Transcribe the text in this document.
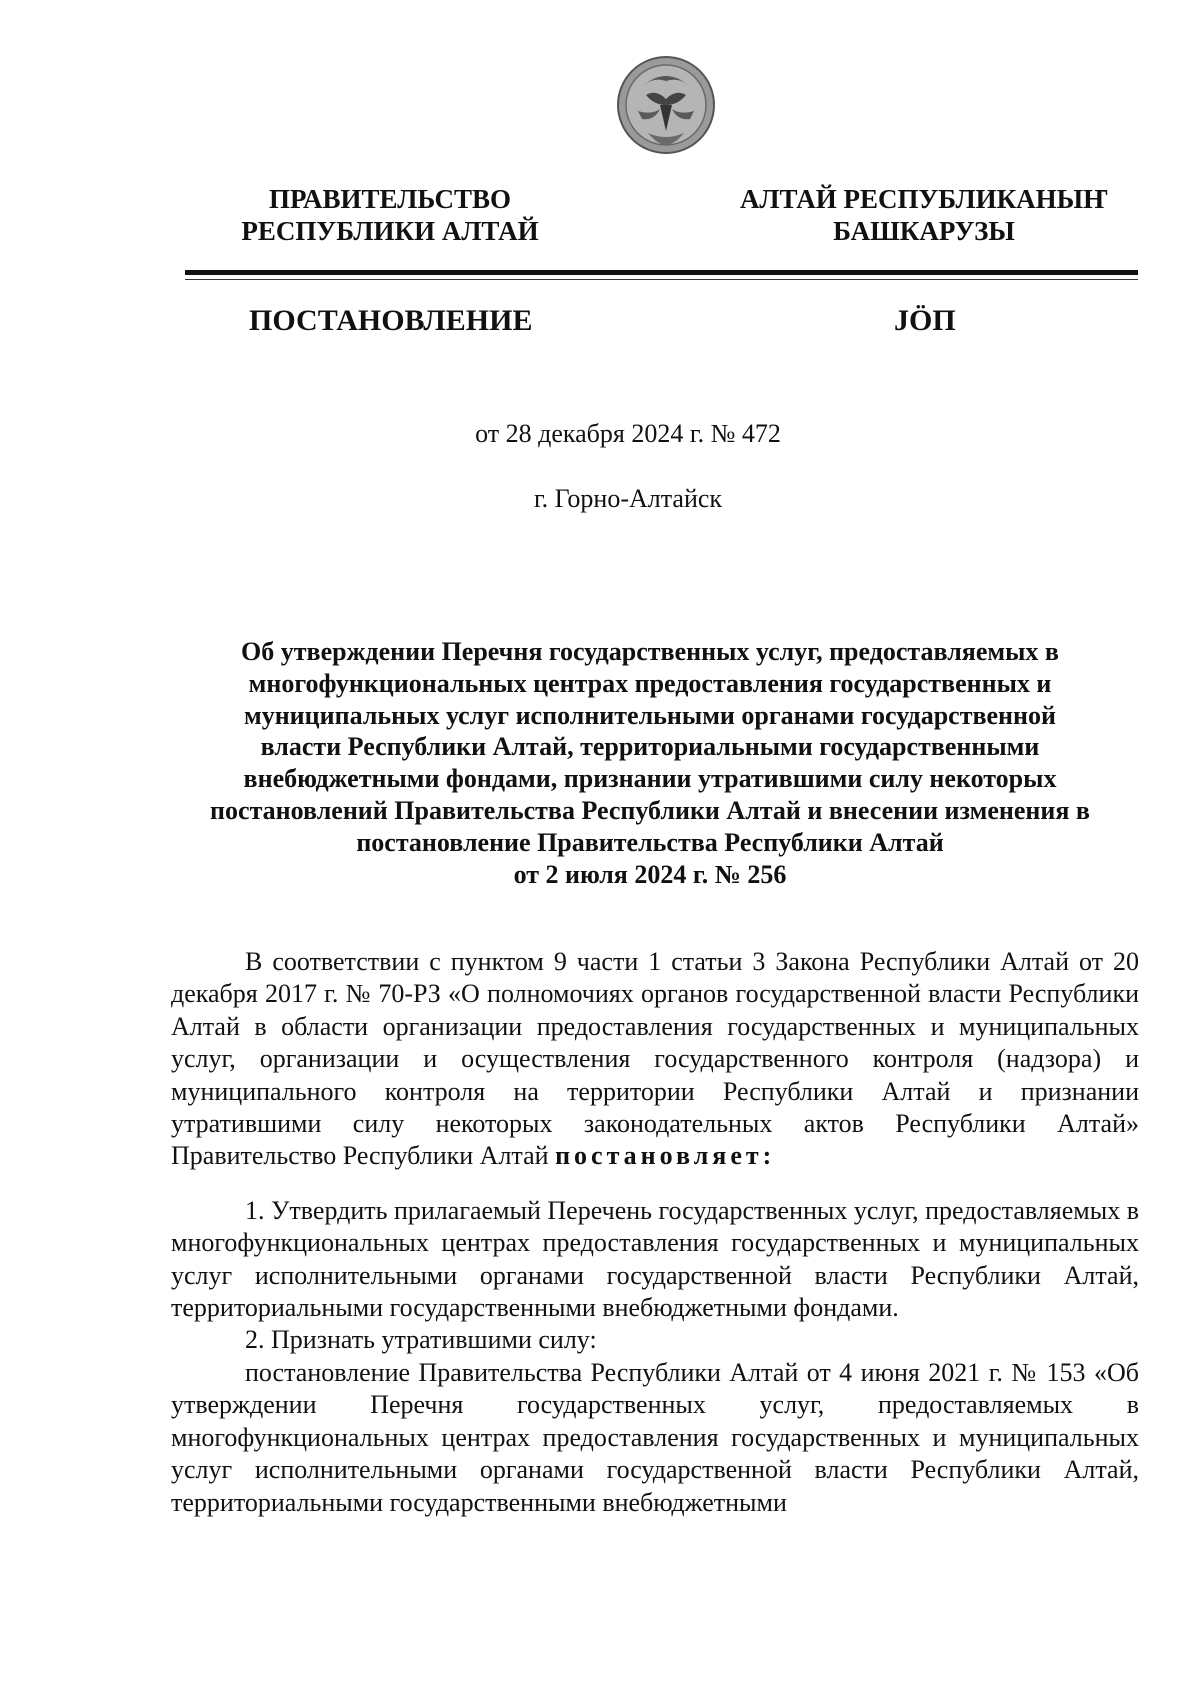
ПРАВИТЕЛЬСТВО
РЕСПУБЛИКИ АЛТАЙ
АЛТАЙ РЕСПУБЛИКАНЫҤ
БАШКАРУЗЫ
ПОСТАНОВЛЕНИЕ	JÖП
от 28 декабря 2024 г. № 472
г. Горно-Алтайск
Об утверждении Перечня государственных услуг, предоставляемых в
многофункциональных центрах предоставления государственных и
муниципальных услуг исполнительными органами государственной
власти Республики Алтай, территориальными государственными
внебюджетными фондами, признании утратившими силу некоторых
постановлений Правительства Республики Алтай и внесении изменения в
постановление Правительства Республики Алтай
от 2 июля 2024 г. № 256

В соответствии с пунктом 9 части 1 статьи 3 Закона Республики Алтай от 20 декабря 2017 г. № 70-РЗ «О полномочиях органов государственной власти Республики Алтай в области организации предоставления государственных и муниципальных услуг, организации и осуществления государственного контроля (надзора) и муниципального контроля на территории Республики Алтай и признании утратившими силу некоторых законодательных актов Республики Алтай» Правительство Республики Алтай постановляет:

1. Утвердить прилагаемый Перечень государственных услуг, предоставляемых в многофункциональных центрах предоставления государственных и муниципальных услуг исполнительными органами государственной власти Республики Алтай, территориальными государственными внебюджетными фондами.

2. Признать утратившими силу:

постановление Правительства Республики Алтай от 4 июня 2021 г. № 153 «Об утверждении Перечня государственных услуг, предоставляемых в многофункциональных центрах предоставления государственных и муниципальных услуг исполнительными органами государственной власти Республики Алтай, территориальными государственными внебюджетными
